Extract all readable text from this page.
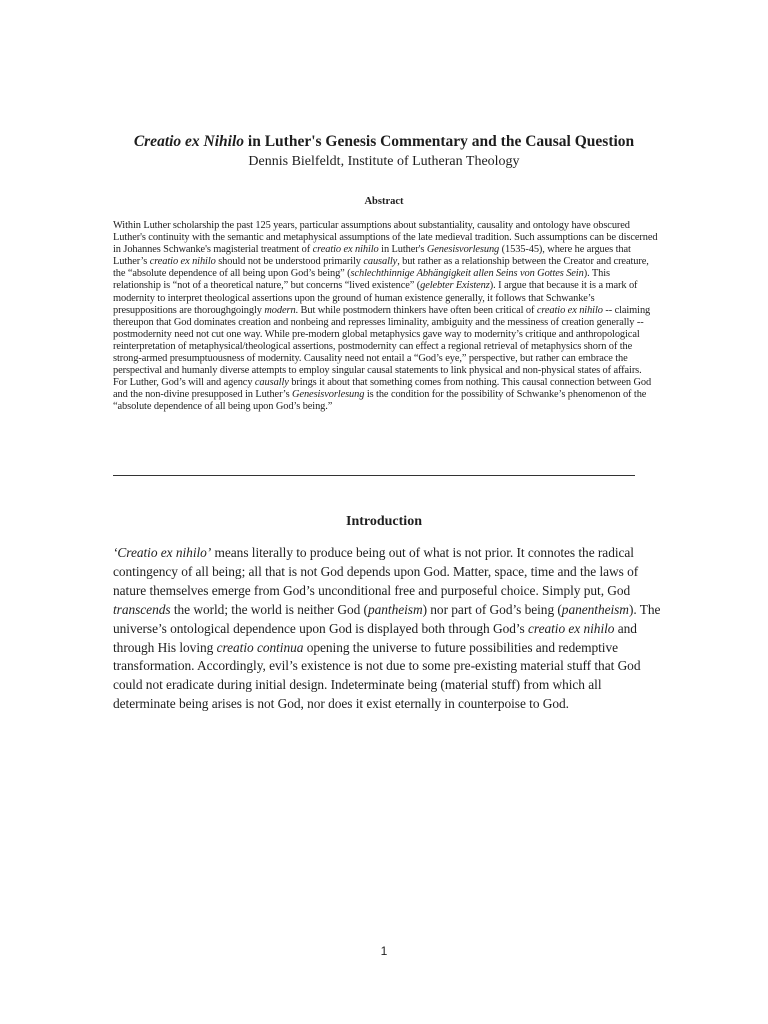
Creatio ex Nihilo in Luther's Genesis Commentary and the Causal Question

Dennis Bielfeldt, Institute of Lutheran Theology

Abstract

Within Luther scholarship the past 125 years, particular assumptions about substantiality, causality and ontology have obscured Luther's continuity with the semantic and metaphysical assumptions of the late medieval tradition. Such assumptions can be discerned in Johannes Schwanke's magisterial treatment of creatio ex nihilo in Luther's Genesisvorlesung (1535-45), where he argues that Luther’s creatio ex nihilo should not be understood primarily causally, but rather as a relationship between the Creator and creature, the “absolute dependence of all being upon God’s being” (schlechthinnige Abhängigkeit allen Seins von Gottes Sein). This relationship is “not of a theoretical nature,” but concerns “lived existence” (gelebter Existenz). I argue that because it is a mark of modernity to interpret theological assertions upon the ground of human existence generally, it follows that Schwanke’s presuppositions are thoroughgoingly modern. But while postmodern thinkers have often been critical of creatio ex nihilo -- claiming thereupon that God dominates creation and nonbeing and represses liminality, ambiguity and the messiness of creation generally -- postmodernity need not cut one way. While pre-modern global metaphysics gave way to modernity’s critique and anthropological reinterpretation of metaphysical/theological assertions, postmodernity can effect a regional retrieval of metaphysics shorn of the strong-armed presumptuousness of modernity. Causality need not entail a “God’s eye,” perspective, but rather can embrace the perspectival and humanly diverse attempts to employ singular causal statements to link physical and non-physical states of affairs. For Luther, God’s will and agency causally brings it about that something comes from nothing. This causal connection between God and the non-divine presupposed in Luther’s Genesisvorlesung is the condition for the possibility of Schwanke’s phenomenon of the “absolute dependence of all being upon God’s being.”

Introduction

‘Creatio ex nihilo’ means literally to produce being out of what is not prior. It connotes the radical contingency of all being; all that is not God depends upon God. Matter, space, time and the laws of nature themselves emerge from God’s unconditional free and purposeful choice. Simply put, God transcends the world; the world is neither God (pantheism) nor part of God’s being (panentheism). The universe’s ontological dependence upon God is displayed both through God’s creatio ex nihilo and through His loving creatio continua opening the universe to future possibilities and redemptive transformation. Accordingly, evil’s existence is not due to some pre-existing material stuff that God could not eradicate during initial design. Indeterminate being (material stuff) from which all determinate being arises is not God, nor does it exist eternally in counterpoise to God.

1
